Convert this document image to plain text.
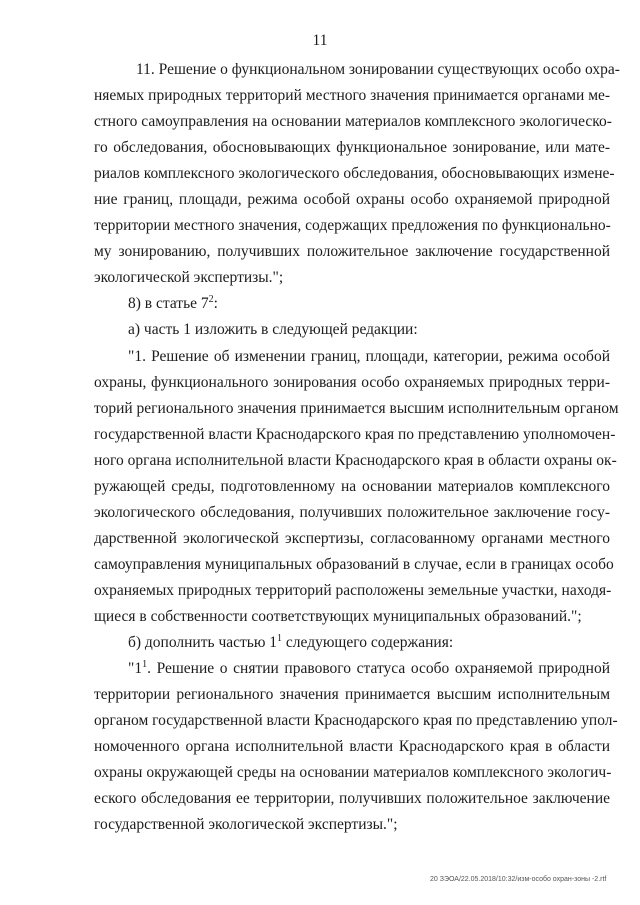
11
11. Решение о функциональном зонировании существующих особо охра-
няемых природных территорий местного значения принимается органами ме-
стного самоуправления на основании материалов комплексного экологическо-
го обследования, обосновывающих функциональное зонирование, или мате-
риалов комплексного экологического обследования, обосновывающих измене-
ние границ, площади, режима особой охраны особо охраняемой природной
территории местного значения, содержащих предложения по функционально-
му зонированию, получивших положительное заключение государственной
экологической экспертизы.";
8) в статье $7^2$:
а) часть 1 изложить в следующей редакции:
"1. Решение об изменении границ, площади, категории, режима особой
охраны, функционального зонирования особо охраняемых природных терри-
торий регионального значения принимается высшим исполнительным органом
государственной власти Краснодарского края по представлению уполномочен-
ного органа исполнительной власти Краснодарского края в области охраны ок-
ружающей среды, подготовленному на основании материалов комплексного
экологического обследования, получивших положительное заключение госу-
дарственной экологической экспертизы, согласованному органами местного
самоуправления муниципальных образований в случае, если в границах особо
охраняемых природных территорий расположены земельные участки, находя-
щиеся в собственности соответствующих муниципальных образований.";
б) дополнить частью $1^1$ следующего содержания:
"$1^1$. Решение о снятии правового статуса особо охраняемой природной
территории регионального значения принимается высшим исполнительным
органом государственной власти Краснодарского края по представлению упол-
номоченного органа исполнительной власти Краснодарского края в области
охраны окружающей среды на основании материалов комплексного экологич-
еского обследования ее территории, получивших положительное заключение
государственной экологической экспертизы.";
20 ЗЭОА/22.05.2018/10:32/изм-особо охран-зоны -2.rtf
